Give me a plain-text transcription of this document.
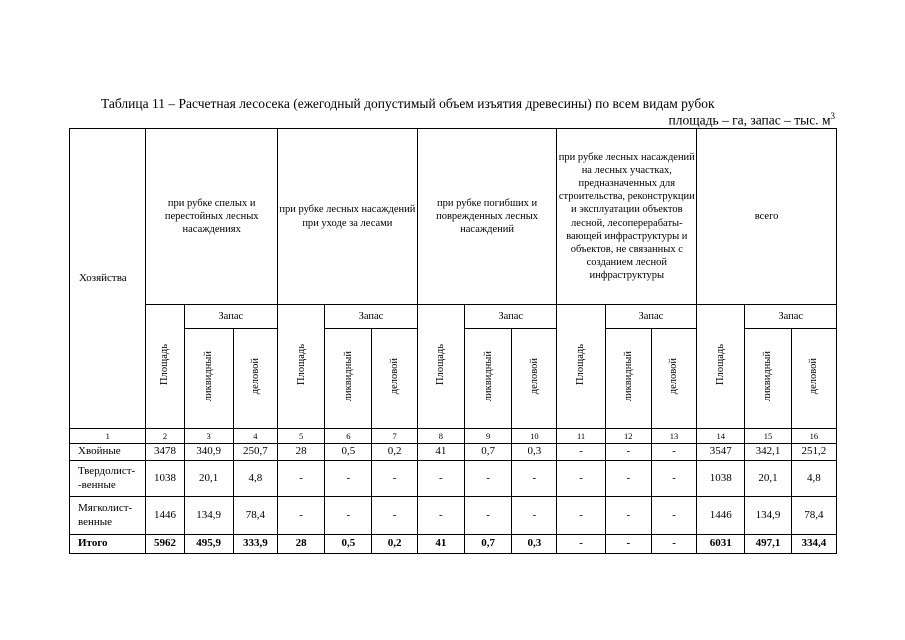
Таблица 11 – Расчетная лесосека (ежегодный допустимый объем изъятия древесины) по всем видам рубок
площадь – га, запас – тыс. $м^3$
Хозяйства	при рубке спелых и перестойных лесных насаждениях			при рубке лесных насаждений при уходе за лесами			при рубке погибших и поврежденных лесных насаждений			при рубке лесных насаждений на лесных участках, предназначенных для строительства, реконструкции и эксплуатации объектов лесной, лесоперерабаты-вающей инфраструктуры и объектов, не связанных с созданием лесной инфраструктуры			всего		
	Площадь	Запас		Площадь	Запас		Площадь	Запас		Площадь	Запас		Площадь	Запас	
		ликвидный	деловой		ликвидный	деловой		ликвидный	деловой		ликвидный	деловой		ликвидный	деловой
1	2	3	4	5	6	7	8	9	10	11	12	13	14	15	16
Хвойные	3478	340,9	250,7	28	0,5	0,2	41	0,7	0,3	-	-	-	3547	342,1	251,2
Твердолист-
-венные	1038	20,1	4,8	-	-	-	-	-	-	-	-	-	1038	20,1	4,8
Мягколист-
венные	1446	134,9	78,4	-	-	-	-	-	-	-	-	-	1446	134,9	78,4
Итого	5962	495,9	333,9	28	0,5	0,2	41	0,7	0,3	-	-	-	6031	497,1	334,4
